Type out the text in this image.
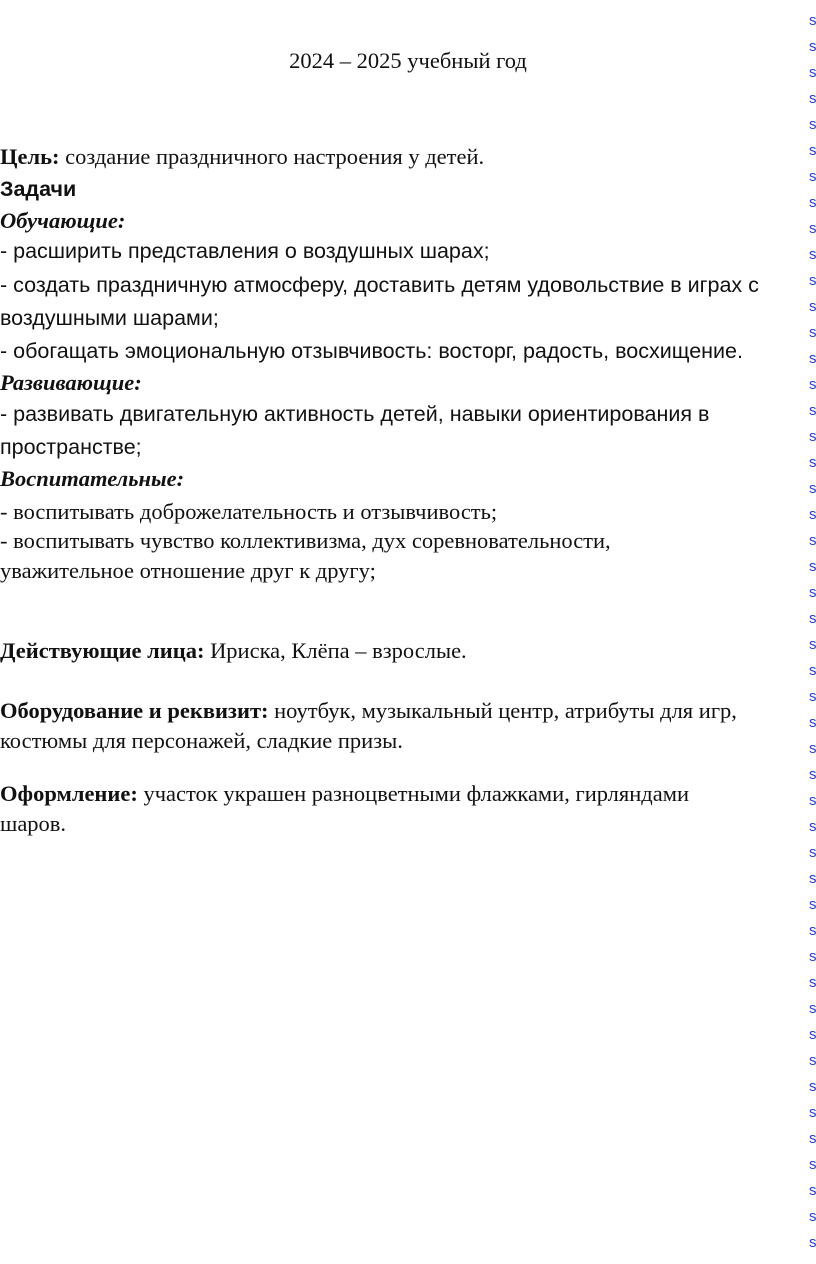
2024 – 2025 учебный год
Цель: создание праздничного настроения у детей.
Задачи
Обучающие:
- расширить представления о воздушных шарах;
- создать праздничную атмосферу, доставить детям удовольствие в играх с
воздушными шарами;
- обогащать эмоциональную отзывчивость: восторг, радость, восхищение.
Развивающие:
- развивать двигательную активность детей, навыки ориентирования в
пространстве;
Воспитательные:
- воспитывать доброжелательность и отзывчивость;
- воспитывать чувство коллективизма, дух соревновательности,
уважительное отношение друг к другу;
Действующие лица: Ириска, Клёпа – взрослые.
Оборудование и реквизит: ноутбук, музыкальный центр, атрибуты для игр,
костюмы для персонажей, сладкие призы.
Оформление: участок украшен разноцветными флажками, гирляндами
шаров.
s
s
s
s
s
s
s
s
s
s
s
s
s
s
s
s
s
s
s
s
s
s
s
s
s
s
s
s
s
s
s
s
s
s
s
s
s
s
s
s
s
s
s
s
s
s
s
s
